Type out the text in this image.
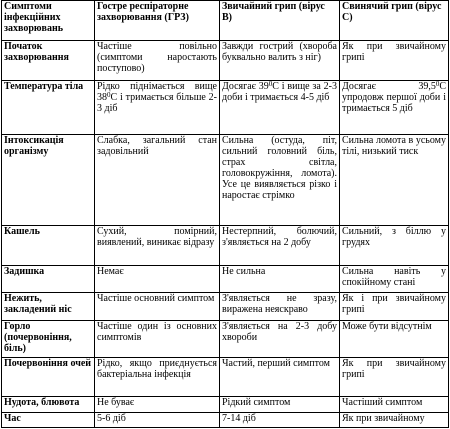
Симптоми інфекційних захворювань	Гостре респіраторне захворювання (ГРЗ)	Звичайний грип (вірус В)	Свинячий грип (вірус С)
Початок захворювання	Частіше повільно (симптоми наростають поступово)	Завжди гострий (хвороба буквально валить з ніг)	Як при звичайному грипі
Температура тіла	Рідко піднімається вище $38^0С$ і тримається більше 2-3 діб	Досягає $39^0С$ і вище за 2-3 доби і тримається 4-5 діб	Досягає 39,5$^0$С упродовж першої доби і тримається 5 діб
Інтоксикація організму	Слабка, загальний стан задовільний	Сильна (остуда, піт, сильний головний біль, страх світла, головокружіння, ломота). Усе це виявляється різко і наростає стрімко	Сильна ломота в усьому тілі, низький тиск
Кашель	Сухий, помірний, виявлений, виникає відразу	Нестерпний, болючий, з'являється на 2 добу	Сильний, з біллю у грудях
Задишка	Немає	Не сильна	Сильна навіть у спокійному стані
Нежить, закладений ніс	Частіше основний симптом	З'являється не зразу, виражена неяскраво	Як і при звичайному грипі
Горло (почервоніння, біль)	Частіше один із основних симптомів	З'являється на 2-3 добу хвороби	Може бути відсутнім
Почервоніння очей	Рідко, якщо приєднується бактеріальна інфекція	Частий, перший симптом	Як при звичайному грипі
Нудота, блювота	Не буває	Рідкий симптом	Частіший симптом
Час	5-6 діб	7-14 діб	Як при звичайному
